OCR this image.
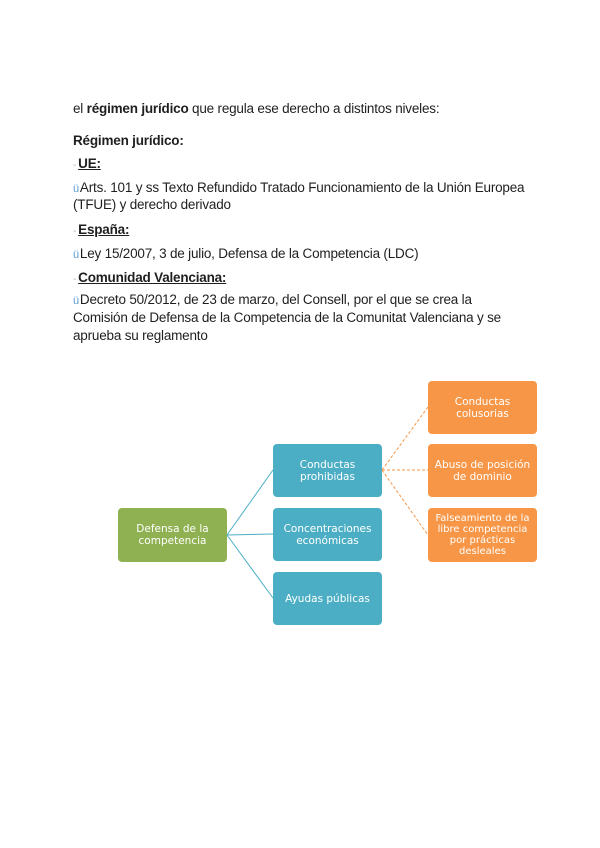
el régimen jurídico que regula ese derecho a distintos niveles:
Régimen jurídico:
- UE:
üArts. 101 y ss Texto Refundido Tratado Funcionamiento de la Unión Europea
(TFUE) y derecho derivado
- España:
üLey 15/2007, 3 de julio, Defensa de la Competencia (LDC)
- Comunidad Valenciana:
üDecreto 50/2012, de 23 de marzo, del Consell, por el que se crea la
Comisión de Defensa de la Competencia de la Comunitat Valenciana y se
aprueba su reglamento
Defensa de la competencia
Conductas prohibidas
Concentraciones económicas
Ayudas públicas
Conductas colusorias
Abuso de posición de dominio
Falseamiento de la libre competencia por prácticas desleales
